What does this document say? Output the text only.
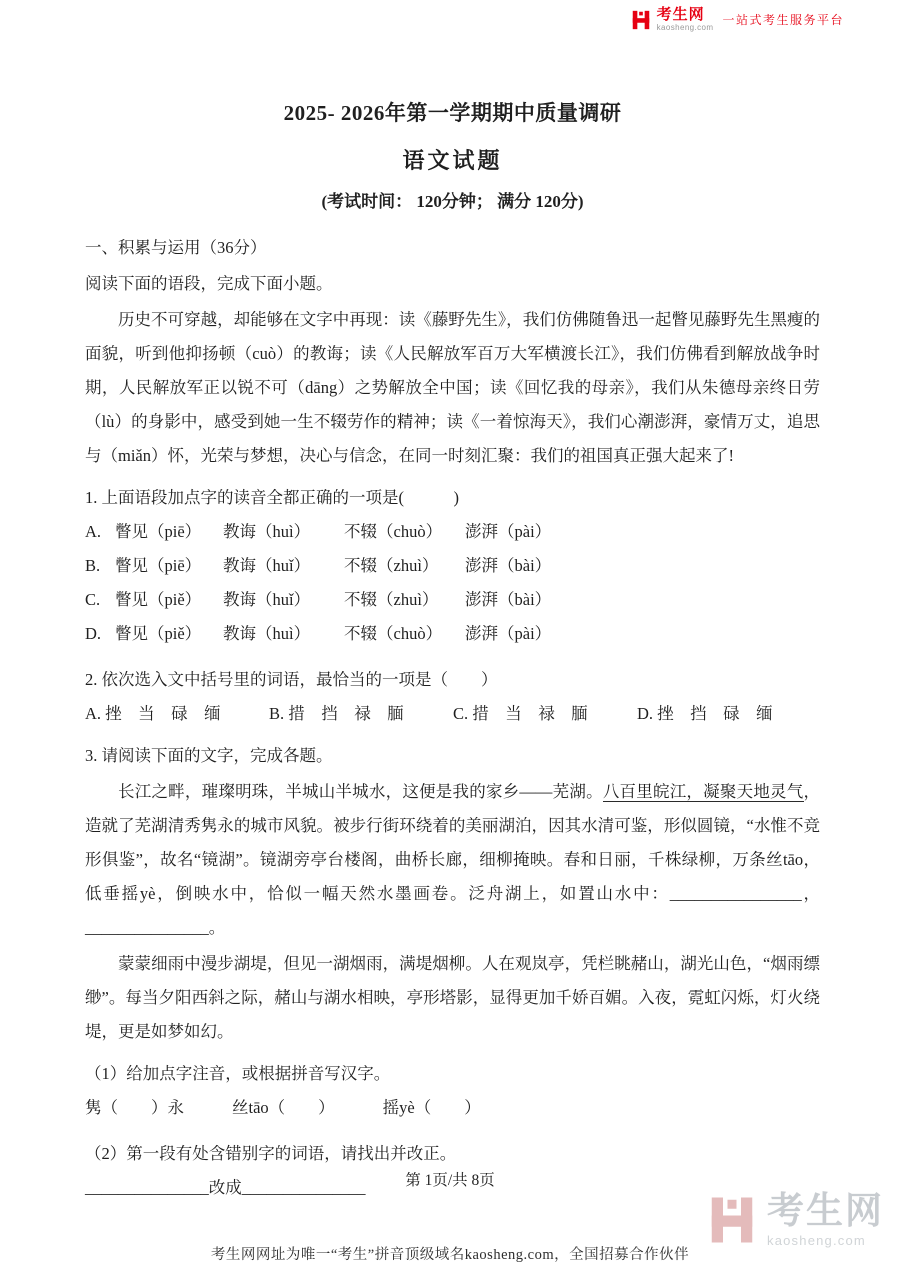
考生网
kaosheng.com
一站式考生服务平台
2025- 2026年第一学期期中质量调研
语文试题
(考试时间： 120分钟； 满分 120分)
一、积累与运用（36分）
阅读下面的语段，完成下面小题。

历史不可穿越，却能够在文字中再现：读《藤野先生》，我们仿佛随鲁迅一起瞥见藤野先生黑瘦的面貌，听到他抑扬顿（cuò）的教诲；读《人民解放军百万大军横渡长江》，我们仿佛看到解放战争时期，人民解放军正以锐不可（dāng）之势解放全中国；读《回忆我的母亲》，我们从朱德母亲终日劳（lù）的身影中，感受到她一生不辍劳作的精神；读《一着惊海天》，我们心潮澎湃，豪情万丈，追思与（miǎn）怀，光荣与梦想，决心与信念，在同一时刻汇聚：我们的祖国真正强大起来了!

1. 上面语段加点字的读音全都正确的一项是(　　　)
A. 瞥见（piē）	教诲（huì）	不辍（chuò）	澎湃（pài）
B. 瞥见（piē）	教诲（huǐ）	不辍（zhuì）	澎湃（bài）
C. 瞥见（piě）	教诲（huǐ）	不辍（zhuì）	澎湃（bài）
D. 瞥见（piě）	教诲（huì）	不辍（chuò）	澎湃（pài）
2. 依次选入文中括号里的词语，最恰当的一项是（　　）
A. 挫　当　碌　缅	B. 措　挡　禄　腼	C. 措　当　禄　腼	D. 挫　挡　碌　缅
3. 请阅读下面的文字，完成各题。

长江之畔，璀璨明珠，半城山半城水，这便是我的家乡——芜湖。八百里皖江，凝聚天地灵气，造就了芜湖清秀隽永的城市风貌。被步行街环绕着的美丽湖泊，因其水清可鉴，形似圆镜，“水惟不竞形俱鉴”，故名“镜湖”。镜湖旁亭台楼阁，曲桥长廊，细柳掩映。春和日丽，千株绿柳，万条丝tāo，低垂摇yè，倒映水中，恰似一幅天然水墨画卷。泛舟湖上，如置山水中：________________，_______________。

蒙蒙细雨中漫步湖堤，但见一湖烟雨，满堤烟柳。人在观岚亭，凭栏眺赭山，湖光山色，“烟雨缥缈”。每当夕阳西斜之际，赭山与湖水相映，亭形塔影，显得更加千娇百媚。入夜，霓虹闪烁，灯火绕堤，更是如梦如幻。

（1）给加点字注音，或根据拼音写汉字。
隽（　　）永	丝tāo（　　）	摇yè（　　）
（2）第一段有处含错别字的词语，请找出并改正。
_______________改成_______________	第 1页/共 8页
考生网
kaosheng.com
考生网网址为唯一“考生”拼音顶级域名kaosheng.com，全国招募合作伙伴
